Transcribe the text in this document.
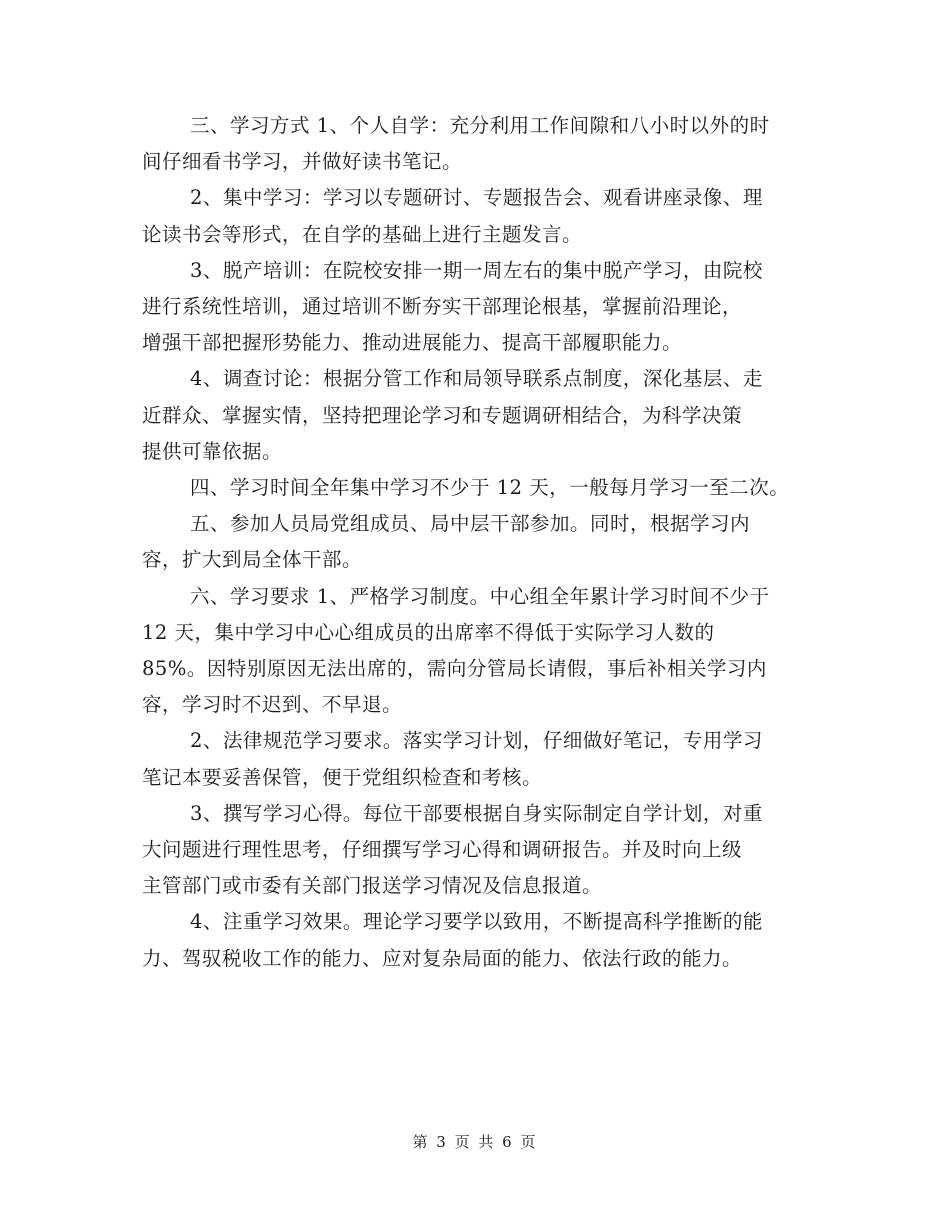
三、学习方式 1、个人自学：充分利用工作间隙和八小时以外的时
间仔细看书学习，并做好读书笔记。
2、集中学习：学习以专题研讨、专题报告会、观看讲座录像、理
论读书会等形式，在自学的基础上进行主题发言。
3、脱产培训：在院校安排一期一周左右的集中脱产学习，由院校
进行系统性培训，通过培训不断夯实干部理论根基，掌握前沿理论，
增强干部把握形势能力、推动进展能力、提高干部履职能力。
4、调查讨论：根据分管工作和局领导联系点制度，深化基层、走
近群众、掌握实情，坚持把理论学习和专题调研相结合，为科学决策
提供可靠依据。
四、学习时间全年集中学习不少于 12 天，一般每月学习一至二次。
五、参加人员局党组成员、局中层干部参加。同时，根据学习内
容，扩大到局全体干部。
六、学习要求 1、严格学习制度。中心组全年累计学习时间不少于
12 天，集中学习中心心组成员的出席率不得低于实际学习人数的
85%。因特别原因无法出席的，需向分管局长请假，事后补相关学习内
容，学习时不迟到、不早退。
2、法律规范学习要求。落实学习计划，仔细做好笔记，专用学习
笔记本要妥善保管，便于党组织检查和考核。
3、撰写学习心得。每位干部要根据自身实际制定自学计划，对重
大问题进行理性思考，仔细撰写学习心得和调研报告。并及时向上级
主管部门或市委有关部门报送学习情况及信息报道。
4、注重学习效果。理论学习要学以致用，不断提高科学推断的能
力、驾驭税收工作的能力、应对复杂局面的能力、依法行政的能力。
第 3 页 共 6 页
